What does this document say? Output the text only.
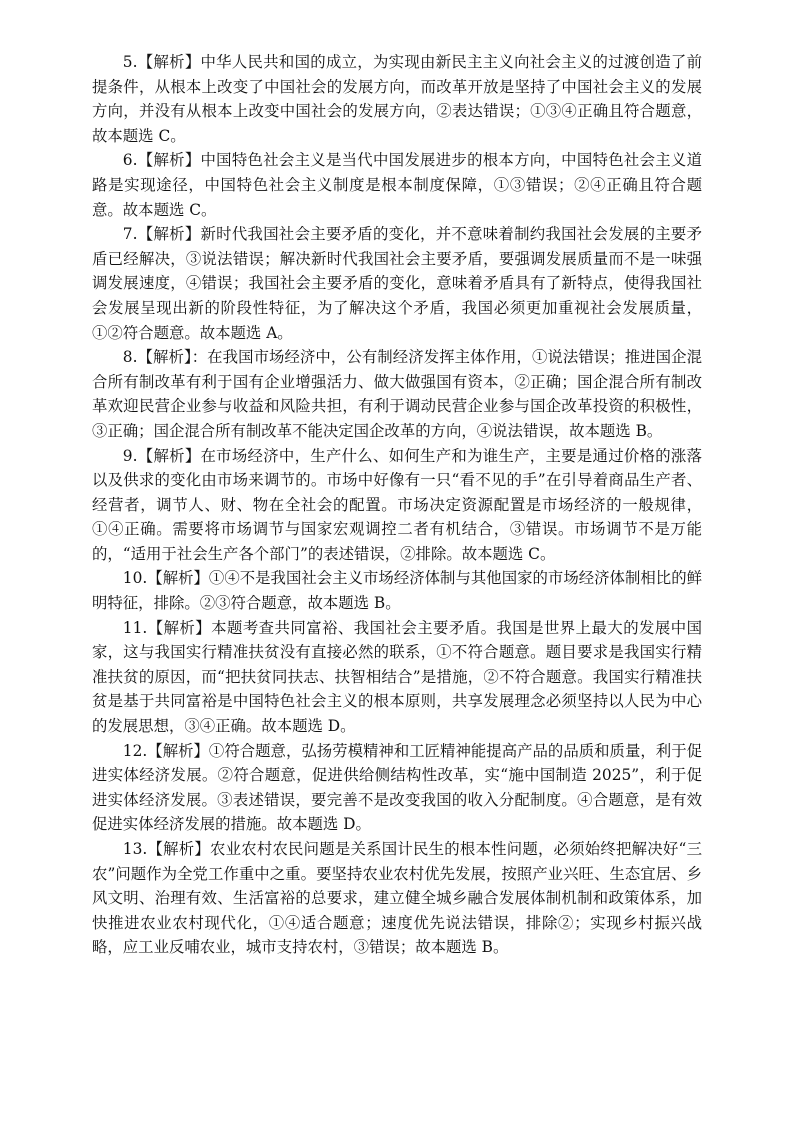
5.【解析】中华人民共和国的成立，为实现由新民主主义向社会主义的过渡创造了前提条件，从根本上改变了中国社会的发展方向，而改革开放是坚持了中国社会主义的发展方向，并没有从根本上改变中国社会的发展方向，②表达错误；①③④正确且符合题意，故本题选 C。

6.【解析】中国特色社会主义是当代中国发展进步的根本方向，中国特色社会主义道路是实现途径，中国特色社会主义制度是根本制度保障，①③错误；②④正确且符合题意。故本题选 C。

7.【解析】新时代我国社会主要矛盾的变化，并不意味着制约我国社会发展的主要矛盾已经解决，③说法错误；解决新时代我国社会主要矛盾，要强调发展质量而不是一味强调发展速度，④错误；我国社会主要矛盾的变化，意味着矛盾具有了新特点，使得我国社会发展呈现出新的阶段性特征，为了解决这个矛盾，我国必须更加重视社会发展质量，①②符合题意。故本题选 A。

8.【解析】：在我国市场经济中，公有制经济发挥主体作用，①说法错误；推进国企混合所有制改革有利于国有企业增强活力、做大做强国有资本，②正确；国企混合所有制改革欢迎民营企业参与收益和风险共担，有利于调动民营企业参与国企改革投资的积极性，③正确；国企混合所有制改革不能决定国企改革的方向，④说法错误，故本题选 B。

9.【解析】在市场经济中，生产什么、如何生产和为谁生产，主要是通过价格的涨落以及供求的变化由市场来调节的。市场中好像有一只“看不见的手”在引导着商品生产者、经营者，调节人、财、物在全社会的配置。市场决定资源配置是市场经济的一般规律，①④正确。需要将市场调节与国家宏观调控二者有机结合，③错误。市场调节不是万能的，“适用于社会生产各个部门”的表述错误，②排除。故本题选 C。

10.【解析】①④不是我国社会主义市场经济体制与其他国家的市场经济体制相比的鲜明特征，排除。②③符合题意，故本题选 B。

11.【解析】本题考查共同富裕、我国社会主要矛盾。我国是世界上最大的发展中国家，这与我国实行精准扶贫没有直接必然的联系，①不符合题意。题目要求是我国实行精准扶贫的原因，而“把扶贫同扶志、扶智相结合”是措施，②不符合题意。我国实行精准扶贫是基于共同富裕是中国特色社会主义的根本原则，共享发展理念必须坚持以人民为中心的发展思想，③④正确。故本题选 D。

12.【解析】①符合题意，弘扬劳模精神和工匠精神能提高产品的品质和质量，利于促进实体经济发展。②符合题意，促进供给侧结构性改革，实“施中国制造 2025”，利于促进实体经济发展。③表述错误，要完善不是改变我国的收入分配制度。④合题意，是有效促进实体经济发展的措施。故本题选 D。

13.【解析】农业农村农民问题是关系国计民生的根本性问题，必须始终把解决好“三农”问题作为全党工作重中之重。要坚持农业农村优先发展，按照产业兴旺、生态宜居、乡风文明、治理有效、生活富裕的总要求，建立健全城乡融合发展体制机制和政策体系，加快推进农业农村现代化，①④适合题意；速度优先说法错误，排除②；实现乡村振兴战略，应工业反哺农业，城市支持农村，③错误；故本题选 B。
